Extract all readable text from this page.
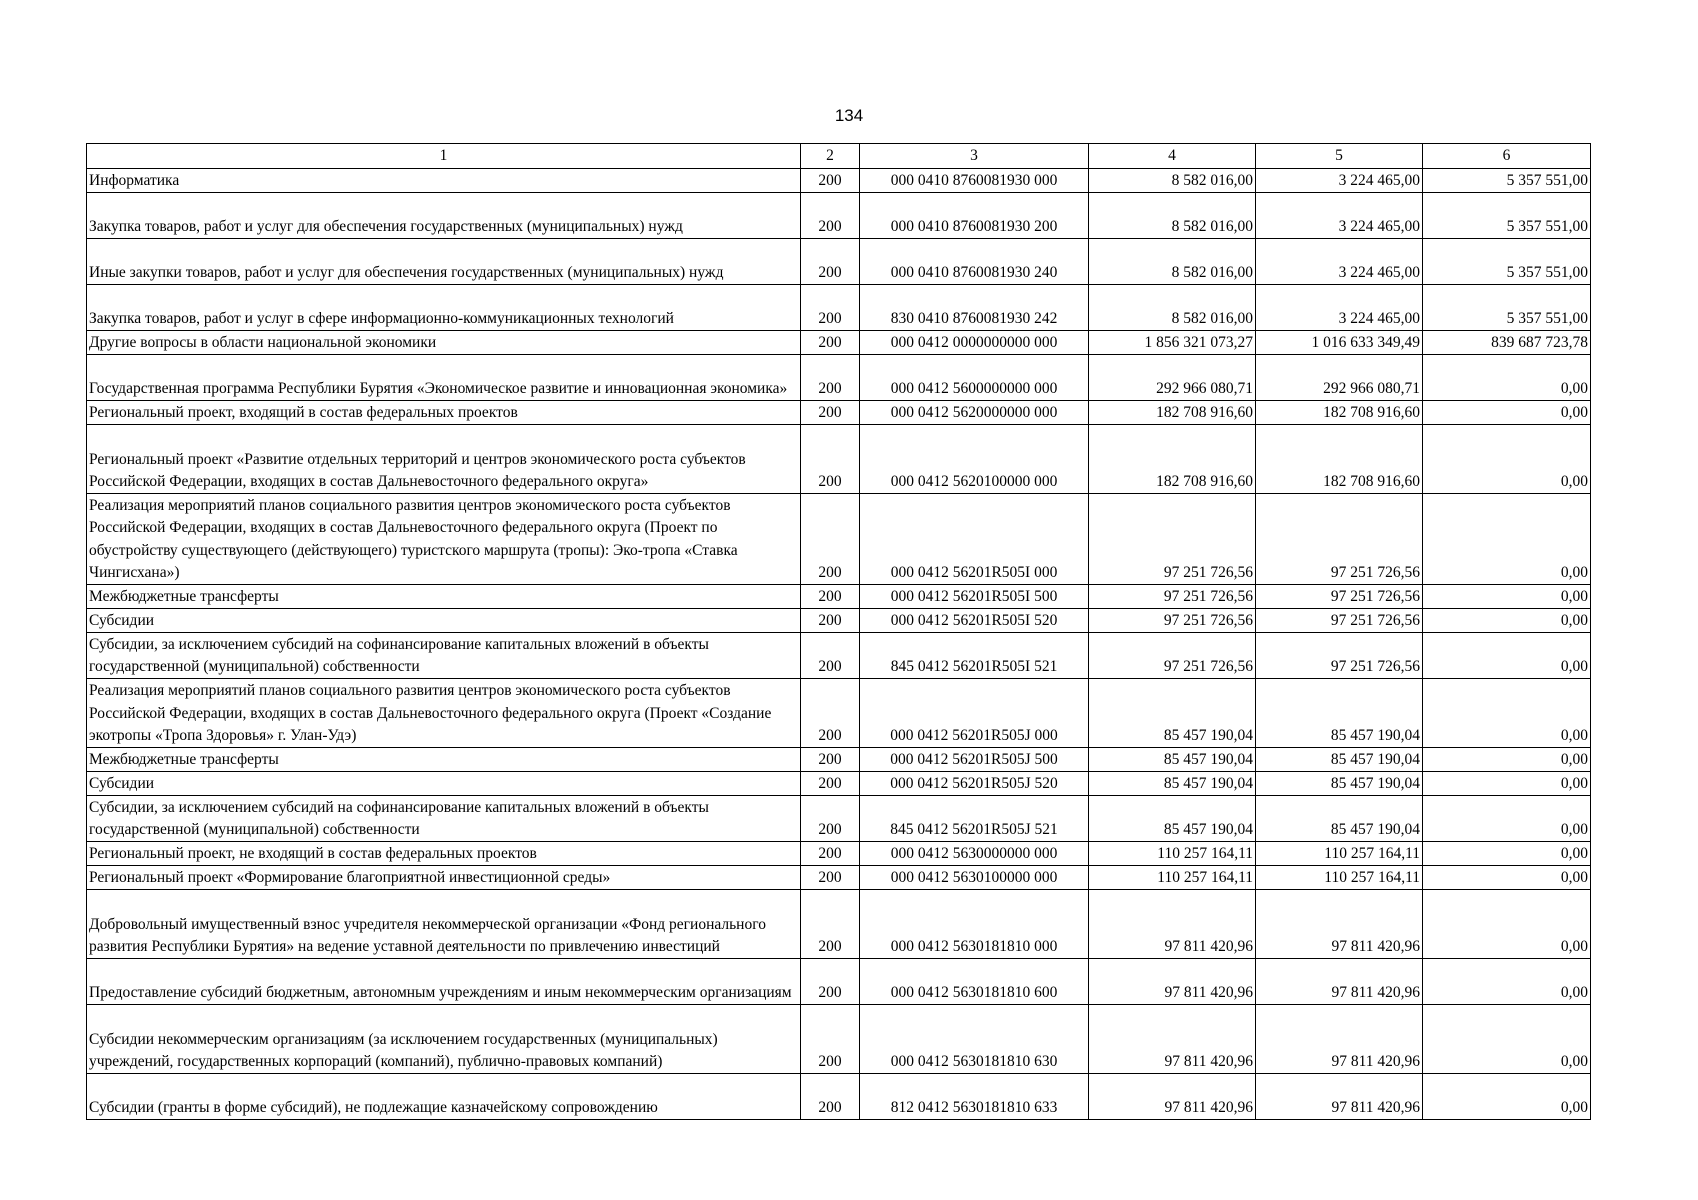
134
1	2	3	4	5	6
Информатика	200	000 0410 8760081930 000	8 582 016,00	3 224 465,00	5 357 551,00
Закупка товаров, работ и услуг для обеспечения государственных (муниципальных) нужд	200	000 0410 8760081930 200	8 582 016,00	3 224 465,00	5 357 551,00
Иные закупки товаров, работ и услуг для обеспечения государственных (муниципальных) нужд	200	000 0410 8760081930 240	8 582 016,00	3 224 465,00	5 357 551,00
Закупка товаров, работ и услуг в сфере информационно-коммуникационных технологий	200	830 0410 8760081930 242	8 582 016,00	3 224 465,00	5 357 551,00
Другие вопросы в области национальной экономики	200	000 0412 0000000000 000	1 856 321 073,27	1 016 633 349,49	839 687 723,78
Государственная программа Республики Бурятия «Экономическое развитие и инновационная экономика»	200	000 0412 5600000000 000	292 966 080,71	292 966 080,71	0,00
Региональный проект, входящий в состав федеральных проектов	200	000 0412 5620000000 000	182 708 916,60	182 708 916,60	0,00
Региональный проект «Развитие отдельных территорий и центров экономического роста субъектов Российской Федерации, входящих в состав Дальневосточного федерального округа»	200	000 0412 5620100000 000	182 708 916,60	182 708 916,60	0,00
Реализация мероприятий планов социального развития центров экономического роста субъектов Российской Федерации, входящих в состав Дальневосточного федерального округа (Проект по обустройству существующего (действующего) туристского маршрута (тропы): Эко-тропа «Ставка Чингисхана»)	200	000 0412 56201R505I 000	97 251 726,56	97 251 726,56	0,00
Межбюджетные трансферты	200	000 0412 56201R505I 500	97 251 726,56	97 251 726,56	0,00
Субсидии	200	000 0412 56201R505I 520	97 251 726,56	97 251 726,56	0,00
Субсидии, за исключением субсидий на софинансирование капитальных вложений в объекты государственной (муниципальной) собственности	200	845 0412 56201R505I 521	97 251 726,56	97 251 726,56	0,00
Реализация мероприятий планов социального развития центров экономического роста субъектов Российской Федерации, входящих в состав Дальневосточного федерального округа (Проект «Создание экотропы «Тропа Здоровья» г. Улан-Удэ)	200	000 0412 56201R505J 000	85 457 190,04	85 457 190,04	0,00
Межбюджетные трансферты	200	000 0412 56201R505J 500	85 457 190,04	85 457 190,04	0,00
Субсидии	200	000 0412 56201R505J 520	85 457 190,04	85 457 190,04	0,00
Субсидии, за исключением субсидий на софинансирование капитальных вложений в объекты государственной (муниципальной) собственности	200	845 0412 56201R505J 521	85 457 190,04	85 457 190,04	0,00
Региональный проект, не входящий в состав федеральных проектов	200	000 0412 5630000000 000	110 257 164,11	110 257 164,11	0,00
Региональный проект «Формирование благоприятной инвестиционной среды»	200	000 0412 5630100000 000	110 257 164,11	110 257 164,11	0,00
Добровольный имущественный взнос учредителя некоммерческой организации «Фонд регионального развития Республики Бурятия» на ведение уставной деятельности по привлечению инвестиций	200	000 0412 5630181810 000	97 811 420,96	97 811 420,96	0,00
Предоставление субсидий бюджетным, автономным учреждениям и иным некоммерческим организациям	200	000 0412 5630181810 600	97 811 420,96	97 811 420,96	0,00
Субсидии некоммерческим организациям (за исключением государственных (муниципальных) учреждений, государственных корпораций (компаний), публично-правовых компаний)	200	000 0412 5630181810 630	97 811 420,96	97 811 420,96	0,00
Субсидии (гранты в форме субсидий), не подлежащие казначейскому сопровождению	200	812 0412 5630181810 633	97 811 420,96	97 811 420,96	0,00
